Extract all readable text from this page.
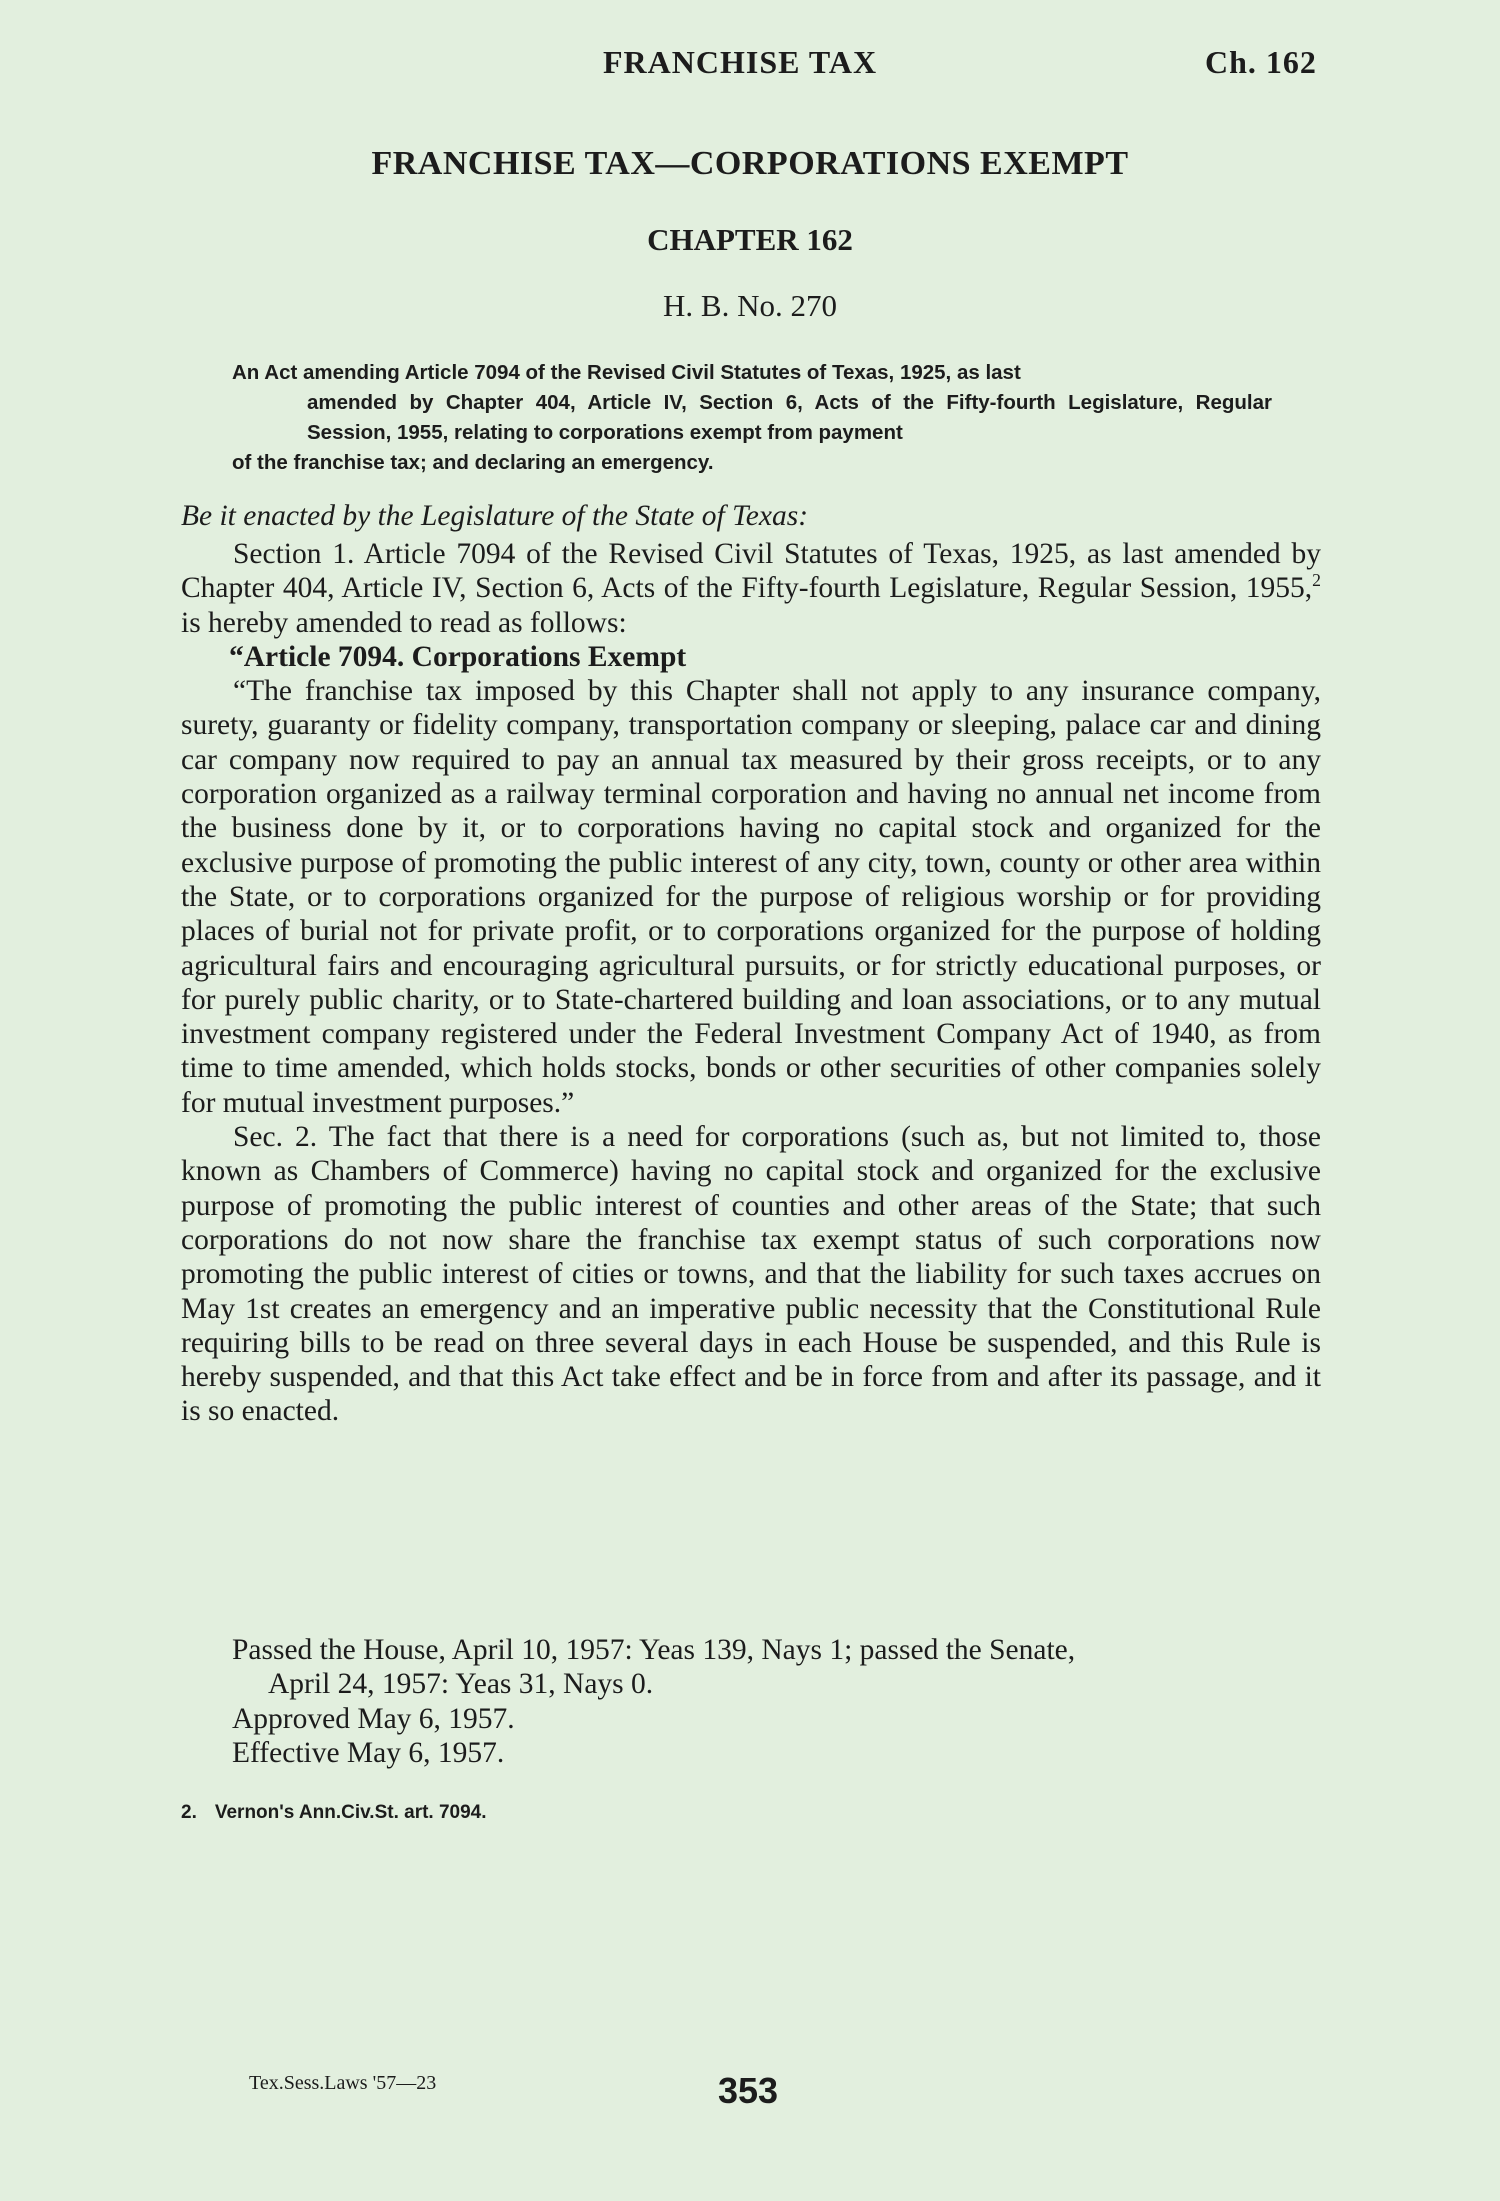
FRANCHISE TAX	Ch. 162
FRANCHISE TAX—CORPORATIONS EXEMPT
CHAPTER 162
H. B. No. 270
An Act amending Article 7094 of the Revised Civil Statutes of Texas, 1925, as last
amended by Chapter 404, Article IV, Section 6, Acts of the Fifty-fourth Legislature, Regular Session, 1955, relating to corporations exempt from payment
of the franchise tax; and declaring an emergency.
Be it enacted by the Legislature of the State of Texas:

Section 1. Article 7094 of the Revised Civil Statutes of Texas, 1925, as last amended by Chapter 404, Article IV, Section 6, Acts of the Fifty-fourth Legislature, Regular Session, 1955,$^2$ is hereby amended to read as follows:

“Article 7094. Corporations Exempt

“The franchise tax imposed by this Chapter shall not apply to any insurance company, surety, guaranty or fidelity company, transportation company or sleeping, palace car and dining car company now required to pay an annual tax measured by their gross receipts, or to any corporation organized as a railway terminal corporation and having no annual net income from the business done by it, or to corporations having no capital stock and organized for the exclusive purpose of promoting the public interest of any city, town, county or other area within the State, or to corporations organized for the purpose of religious worship or for providing places of burial not for private profit, or to corporations organized for the purpose of holding agricultural fairs and encouraging agricultural pursuits, or for strictly educational purposes, or for purely public charity, or to State-chartered building and loan associations, or to any mutual investment company registered under the Federal Investment Company Act of 1940, as from time to time amended, which holds stocks, bonds or other securities of other companies solely for mutual investment purposes.”

Sec. 2. The fact that there is a need for corporations (such as, but not limited to, those known as Chambers of Commerce) having no capital stock and organized for the exclusive purpose of promoting the public interest of counties and other areas of the State; that such corporations do not now share the franchise tax exempt status of such corporations now promoting the public interest of cities or towns, and that the liability for such taxes accrues on May 1st creates an emergency and an imperative public necessity that the Constitutional Rule requiring bills to be read on three several days in each House be suspended, and this Rule is hereby suspended, and that this Act take effect and be in force from and after its passage, and it is so enacted.

Passed the House, April 10, 1957: Yeas 139, Nays 1; passed the Senate,
April 24, 1957: Yeas 31, Nays 0.
Approved May 6, 1957.
Effective May 6, 1957.
2. Vernon's Ann.Civ.St. art. 7094.
Tex.Sess.Laws '57—23	353
